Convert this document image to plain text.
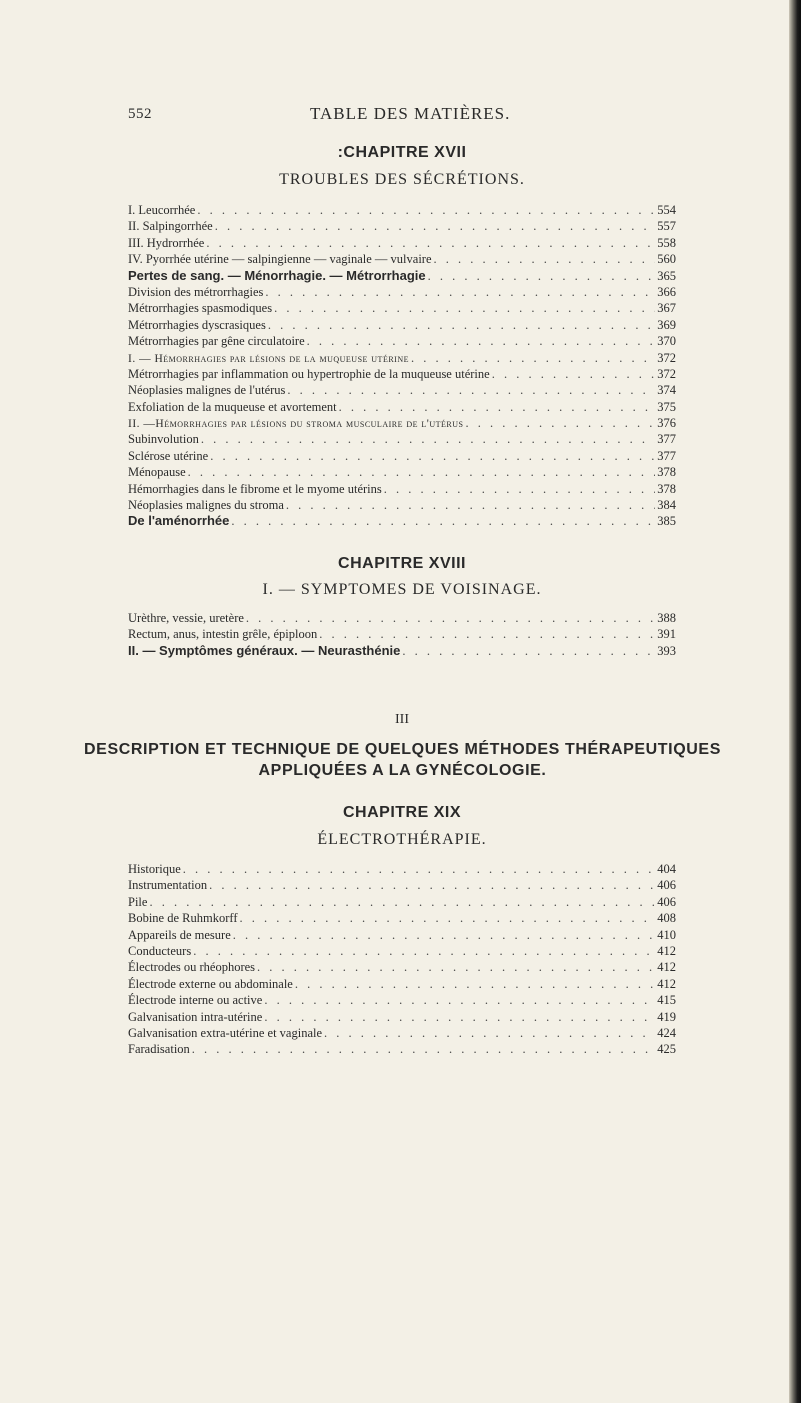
552	TABLE DES MATIÈRES.
:CHAPITRE XVII
TROUBLES DES SÉCRÉTIONS.
I. Leucorrhée . . .	554
II. Salpingorrhée . . .	557
III. Hydrorrhée . . .	558
IV. Pyorrhée utérine — salpingienne — vaginale — vulvaire . . .	560
Pertes de sang. — Ménorrhagie. — Métrorrhagie . . .	365
Division des métrorrhagies . . .	366
Métrorrhagies spasmodiques . . .	367
Métrorrhagies dyscrasiques . . .	369
Métrorrhagies par gêne circulatoire . . .	370
I. — Hémorrhagies par lésions de la muqueuse utérine . . .	372
Métrorrhagies par inflammation ou hypertrophie de la muqueuse utérine . . .	372
Néoplasies malignes de l'utérus . . .	374
Exfoliation de la muqueuse et avortement . . .	375
II. —Hémorrhagies par lésions du stroma musculaire de l'utérus . . .	376
Subinvolution . . .	377
Sclérose utérine . . .	377
Ménopause . . .	378
Hémorrhagies dans le fibrome et le myome utérins . . .	378
Néoplasies malignes du stroma . . .	384
De l'aménorrhée . . .	385
CHAPITRE XVIII
I. — SYMPTOMES DE VOISINAGE.
Urèthre, vessie, uretère . . .	388
Rectum, anus, intestin grêle, épiploon . . .	391
II. — Symptômes généraux. — Neurasthénie . . .	393
III
DESCRIPTION ET TECHNIQUE DE QUELQUES MÉTHODES THÉRAPEUTIQUES
APPLIQUÉES A LA GYNÉCOLOGIE.
CHAPITRE XIX
ÉLECTROTHÉRAPIE.
Historique . . .	404
Instrumentation . . .	406
Pile . . .	406
Bobine de Ruhmkorff . . .	408
Appareils de mesure . . .	410
Conducteurs . . .	412
Électrodes ou rhéophores . . .	412
Électrode externe ou abdominale . . .	412
Électrode interne ou active . . .	415
Galvanisation intra-utérine . . .	419
Galvanisation extra-utérine et vaginale . . .	424
Faradisation . . .	425
